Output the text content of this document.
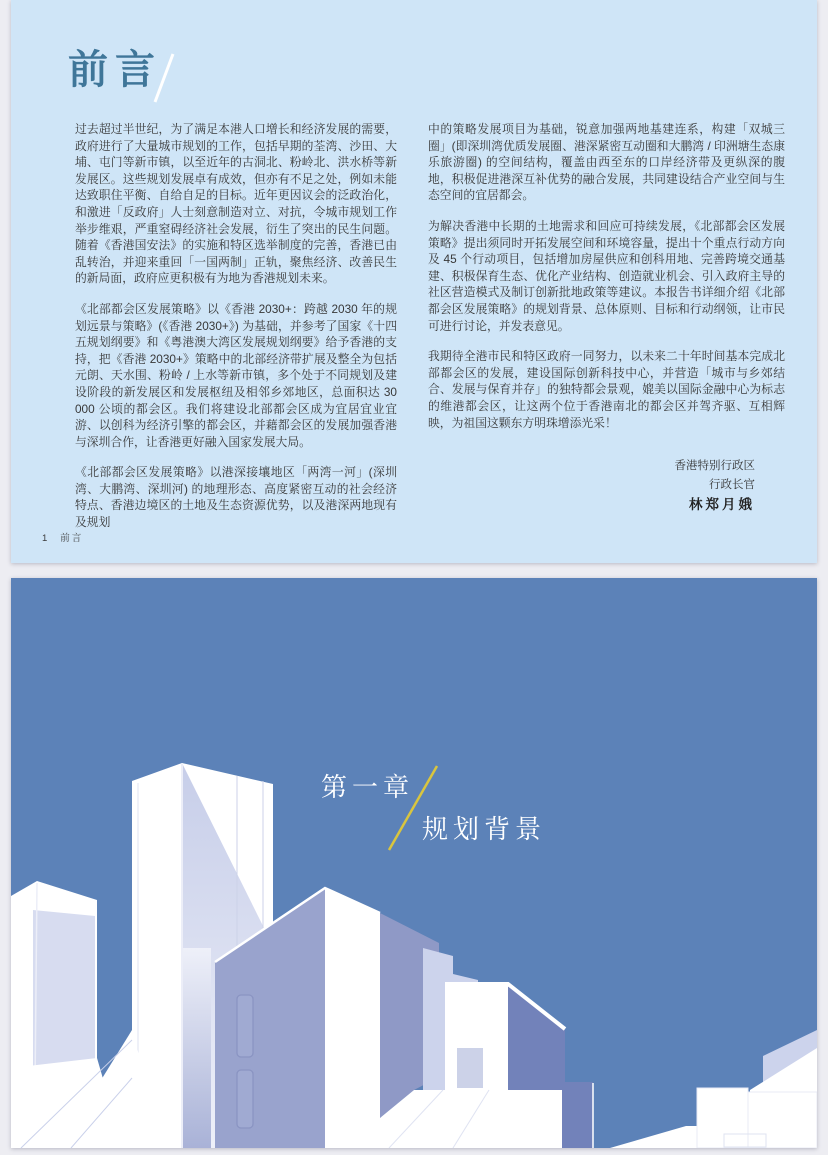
前言

过去超过半世纪，为了满足本港人口增长和经济发展的需要，政府进行了大量城市规划的工作，包括早期的荃湾、沙田、大埔、屯门等新市镇，以至近年的古洞北、粉岭北、洪水桥等新发展区。这些规划发展卓有成效，但亦有不足之处，例如未能达致职住平衡、自给自足的目标。近年更因议会的泛政治化，和激进「反政府」人士刻意制造对立、对抗，令城市规划工作举步维艰，严重窒碍经济社会发展，衍生了突出的民生问题。随着《香港国安法》的实施和特区选举制度的完善，香港已由乱转治，并迎来重回「一国两制」正轨，聚焦经济、改善民生的新局面，政府应更积极有为地为香港规划未来。

《北部都会区发展策略》以《香港 2030+：跨越 2030 年的规划远景与策略》(《香港 2030+》) 为基础，并参考了国家《十四五规划纲要》和《粤港澳大湾区发展规划纲要》给予香港的支持，把《香港 2030+》策略中的北部经济带扩展及整全为包括元朗、天水围、粉岭 / 上水等新市镇，多个处于不同规划及建设阶段的新发展区和发展枢纽及相邻乡郊地区，总面积达 30 000 公顷的都会区。我们将建设北部都会区成为宜居宜业宜游、以创科为经济引擎的都会区，并藉都会区的发展加强香港与深圳合作，让香港更好融入国家发展大局。

《北部都会区发展策略》以港深接壤地区「两湾一河」(深圳湾、大鹏湾、深圳河) 的地理形态、高度紧密互动的社会经济特点、香港边境区的土地及生态资源优势，以及港深两地现有及规划

中的策略发展项目为基础，锐意加强两地基建连系，构建「双城三圈」(即深圳湾优质发展圈、港深紧密互动圈和大鹏湾 / 印洲塘生态康乐旅游圈) 的空间结构，覆盖由西至东的口岸经济带及更纵深的腹地，积极促进港深互补优势的融合发展，共同建设结合产业空间与生态空间的宜居都会。

为解决香港中长期的土地需求和回应可持续发展，《北部都会区发展策略》提出须同时开拓发展空间和环境容量，提出十个重点行动方向及 45 个行动项目，包括增加房屋供应和创科用地、完善跨境交通基建、积极保育生态、优化产业结构、创造就业机会、引入政府主导的社区营造模式及制订创新批地政策等建议。本报告书详细介绍《北部都会区发展策略》的规划背景、总体原则、目标和行动纲领，让市民可进行讨论，并发表意见。

我期待全港市民和特区政府一同努力，以未来二十年时间基本完成北部都会区的发展，建设国际创新科技中心，并营造「城市与乡郊结合、发展与保育并存」的独特都会景观，媲美以国际金融中心为标志的维港都会区，让这两个位于香港南北的都会区并驾齐驱、互相辉映，为祖国这颗东方明珠增添光采！

香港特别行政区
行政长官
林郑月娥
1 前言
第一章
规划背景
